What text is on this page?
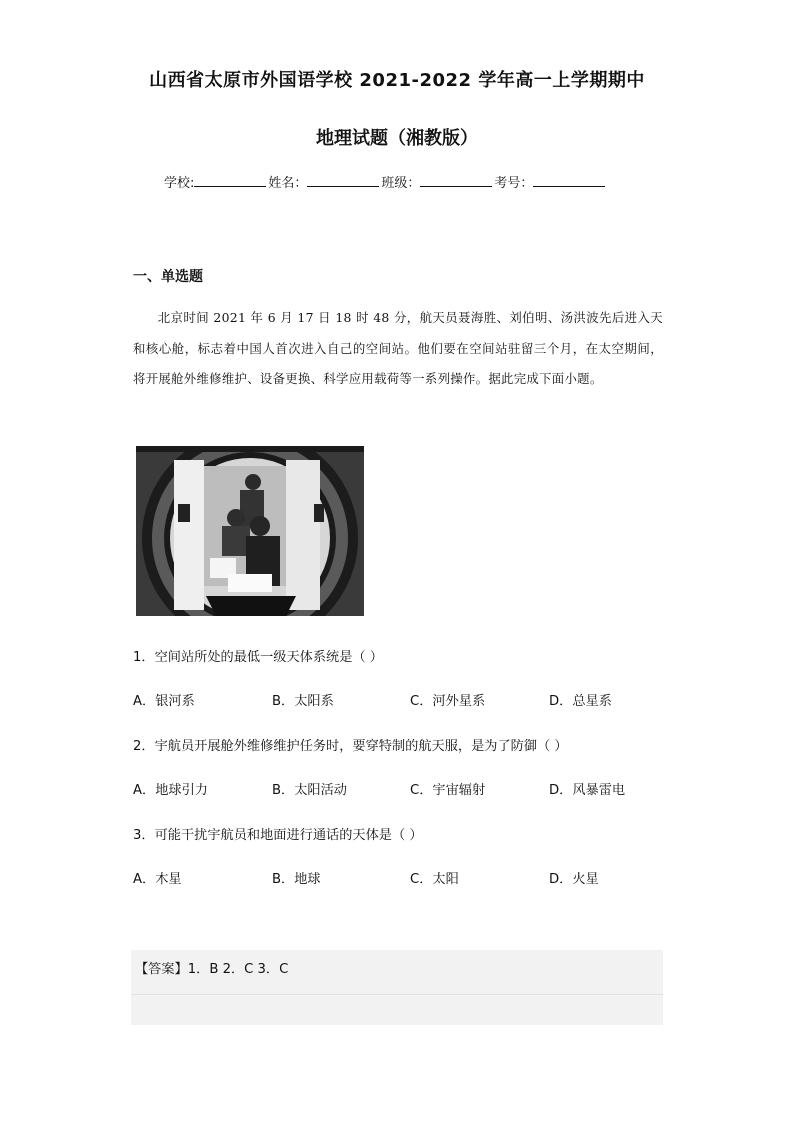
山西省太原市外国语学校 2021-2022 学年高一上学期期中
地理试题（湘教版）
学校:	姓名：	班级：	考号：
一、单选题
北京时间 2021 年 6 月 17 日 18 时 48 分，航天员聂海胜、刘伯明、汤洪波先后进入天和核心舱，标志着中国人首次进入自己的空间站。他们要在空间站驻留三个月，在太空期间，将开展舱外维修维护、设备更换、科学应用载荷等一系列操作。据此完成下面小题。
1．空间站所处的最低一级天体系统是（ ）
A．银河系	B．太阳系	C．河外星系	D．总星系
2．宇航员开展舱外维修维护任务时，要穿特制的航天服，是为了防御（ ）
A．地球引力	B．太阳活动	C．宇宙辐射	D．风暴雷电
3．可能干扰宇航员和地面进行通话的天体是（ ）
A．木星	B．地球	C．太阳	D．火星
【答案】1．B 2．C 3．C
